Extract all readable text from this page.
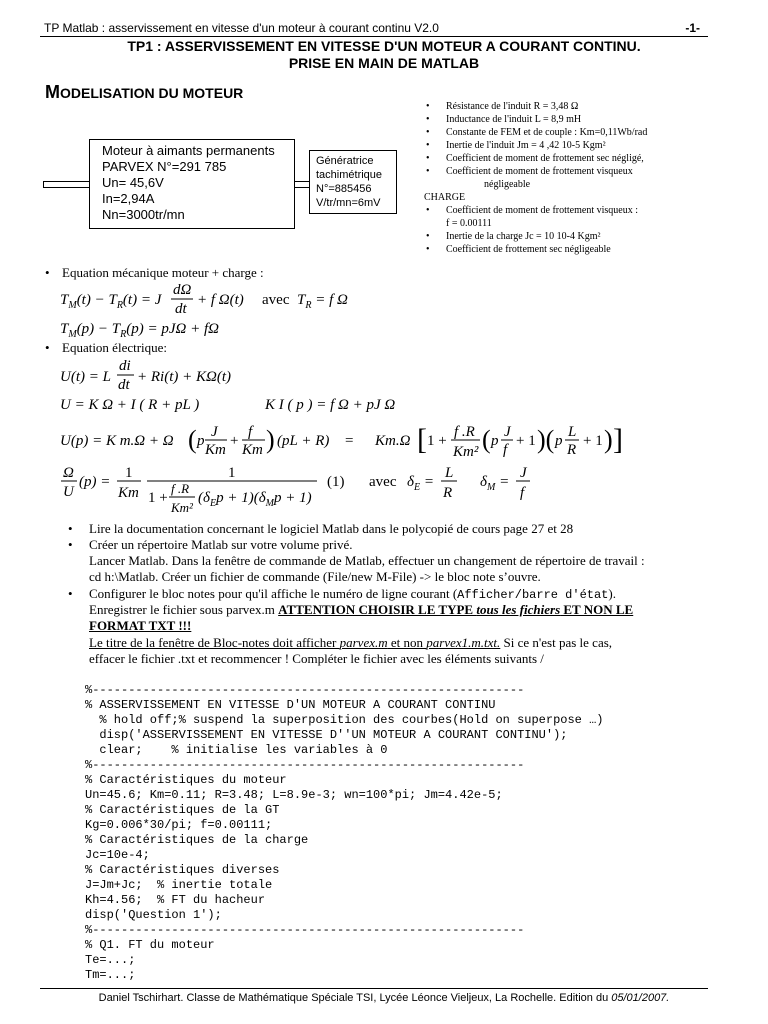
TP Matlab : asservissement en vitesse d'un moteur à courant continu V2.0	-1-
TP1 : ASSERVISSEMENT EN VITESSE D'UN MOTEUR A COURANT CONTINU.
PRISE EN MAIN DE MATLAB
MODELISATION DU MOTEUR
Moteur à aimants permanents
PARVEX N°=291 785
Un= 45,6V
In=2,94A
Nn=3000tr/mn
Génératrice
tachimétrique
N°=885456
V/tr/mn=6mV
• Résistance de l'induit R = 3,48 Ω
• Inductance de l'induit L = 8,9 mH
• Constante de FEM et de couple : Km=0,11Wb/rad
• Inertie de l'induit Jm = 4 ,42 10-5 Kgm²
• Coefficient de moment de frottement sec négligé,
• Coefficient de moment de frottement visqueux
négligeable
CHARGE
• Coefficient de moment de frottement visqueux :
f = 0.00111
• Inertie de la charge Jc = 10 10-4 Kgm²
• Coefficient de frottement sec négligeable
• Equation mécanique moteur + charge :
$T_M(t) - T_R(t) = J$
dΩ
dt
+ f Ω(t) avec $T_R = f$ Ω
$T_M(p) - T_R(p) = pJ\Omega + f\Omega$
U(t) = L
di
dt + Ri(t) + KΩ(t)
U = K Ω + I ( R + pL )	K I ( p ) = f Ω + pJ Ω
U(p) = K m.Ω + Ω ( p
J
Km
+
f
Km ) (pL + R) = Km.Ω [ 1 +
f .R
Km² ( p
J
f
+ 1 )( p
L
R
+ 1 ) ]
Ω
U
(p) =
1
Km
1
1 +
f .R
Km²
$(\delta_Ep + 1)(\delta_Mp + 1)$
(1) avec $\delta_E$ =
L
R
$\delta_M$ =
J
f
• Equation électrique:
• Lire la documentation concernant le logiciel Matlab dans le polycopié de cours page 27 et 28
• Créer un répertoire Matlab sur votre volume privé.
Lancer Matlab. Dans la fenêtre de commande de Matlab, effectuer un changement de répertoire de travail :
cd h:\Matlab. Créer un fichier de commande (File/new M-File) -> le bloc note s’ouvre.
• Configurer le bloc notes pour qu'il affiche le numéro de ligne courant (Afficher/barre d'état).
Enregistrer le fichier sous parvex.m ATTENTION CHOISIR LE TYPE tous les fichiers ET NON LE
FORMAT TXT !!!
Le titre de la fenêtre de Bloc-notes doit afficher parvex.m et non parvex1.m.txt. Si ce n'est pas le cas,
effacer le fichier .txt et recommencer ! Compléter le fichier avec les éléments suivants /

%------------------------------------------------------------
% ASSERVISSEMENT EN VITESSE D'UN MOTEUR A COURANT CONTINU
% hold off;% suspend la superposition des courbes(Hold on superpose …)
disp('ASSERVISSEMENT EN VITESSE D''UN MOTEUR A COURANT CONTINU');
clear;    % initialise les variables à 0
%------------------------------------------------------------
% Caractéristiques du moteur
Un=45.6; Km=0.11; R=3.48; L=8.9e-3; wn=100*pi; Jm=4.42e-5;
% Caractéristiques de la GT
Kg=0.006*30/pi; f=0.00111;
% Caractéristiques de la charge
Jc=10e-4;
% Caractéristiques diverses
J=Jm+Jc;  % inertie totale
Kh=4.56;  % FT du hacheur
disp('Question 1');
%------------------------------------------------------------
% Q1. FT du moteur
Te=...;
Tm=...;

Daniel Tschirhart. Classe de Mathématique Spéciale TSI, Lycée Léonce Vieljeux, La Rochelle. Edition du 05/01/2007.
